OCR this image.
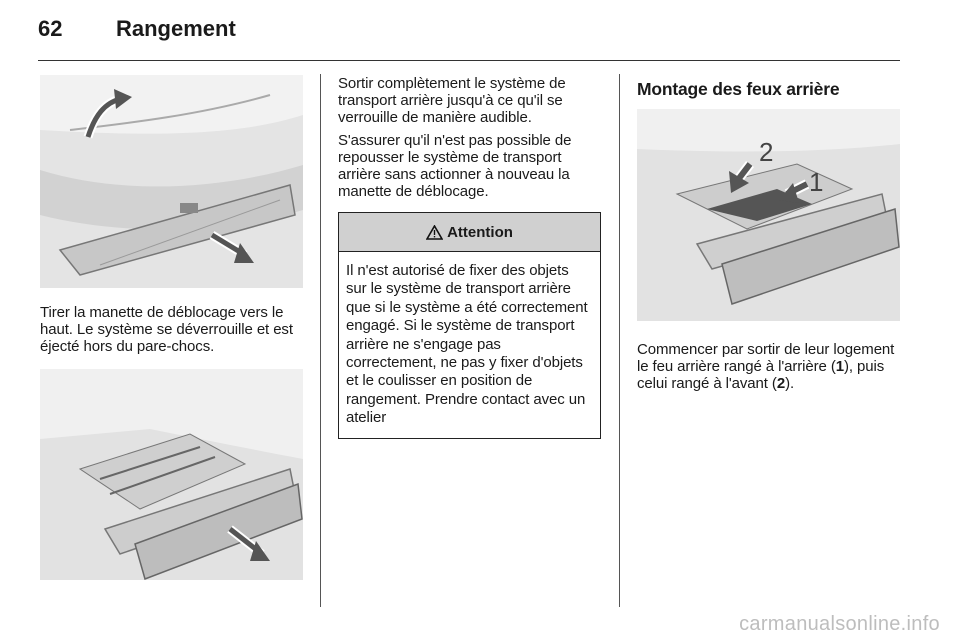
62 Rangement

Tirer la manette de déblocage vers le haut. Le système se déverrouille et est éjecté hors du pare-chocs.

Sortir complètement le système de transport arrière jusqu'à ce qu'il se verrouille de manière audible.

S'assurer qu'il n'est pas possible de repousser le système de transport arrière sans actionner à nouveau la manette de déblocage.

Attention

Il n'est autorisé de fixer des objets sur le système de transport arrière que si le système a été correctement engagé. Si le système de transport arrière ne s'engage pas correctement, ne pas y fixer d'objets et le coulisser en position de rangement. Prendre contact avec un atelier

Montage des feux arrière
2
1

Commencer par sortir de leur logement le feu arrière rangé à l'arrière (1), puis celui rangé à l'avant (2).

carmanualsonline.info
